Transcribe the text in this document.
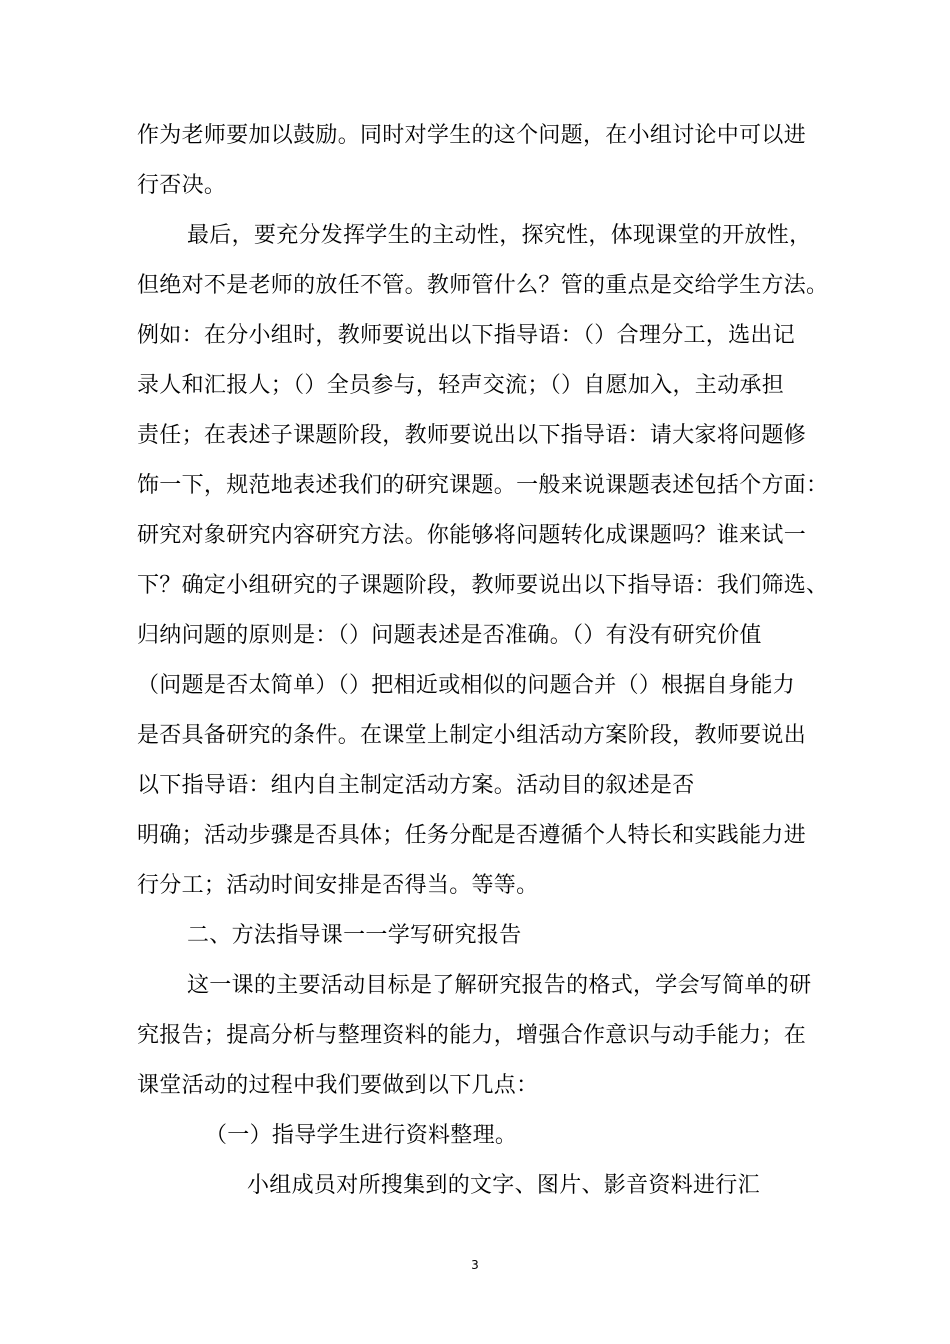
作为老师要加以鼓励。同时对学生的这个问题，在小组讨论中可以进
行否决。
最后，要充分发挥学生的主动性，探究性，体现课堂的开放性，
但绝对不是老师的放任不管。教师管什么？管的重点是交给学生方法。
例如：在分小组时，教师要说出以下指导语：（）合理分工，选出记
录人和汇报人；（）全员参与，轻声交流；（）自愿加入，主动承担
责任；在表述子课题阶段，教师要说出以下指导语：请大家将问题修
饰一下，规范地表述我们的研究课题。一般来说课题表述包括个方面：
研究对象研究内容研究方法。你能够将问题转化成课题吗？谁来试一
下？确定小组研究的子课题阶段，教师要说出以下指导语：我们筛选、
归纳问题的原则是：（）问题表述是否准确。（）有没有研究价值
（问题是否太简单）（）把相近或相似的问题合并（）根据自身能力
是否具备研究的条件。在课堂上制定小组活动方案阶段，教师要说出
以下指导语：组内自主制定活动方案。活动目的叙述是否
明确；活动步骤是否具体；任务分配是否遵循个人特长和实践能力进
行分工；活动时间安排是否得当。等等。
二、方法指导课一一学写研究报告
这一课的主要活动目标是了解研究报告的格式，学会写简单的研
究报告；提高分析与整理资料的能力，增强合作意识与动手能力；在
课堂活动的过程中我们要做到以下几点：
（一）指导学生进行资料整理。
小组成员对所搜集到的文字、图片、影音资料进行汇
3
